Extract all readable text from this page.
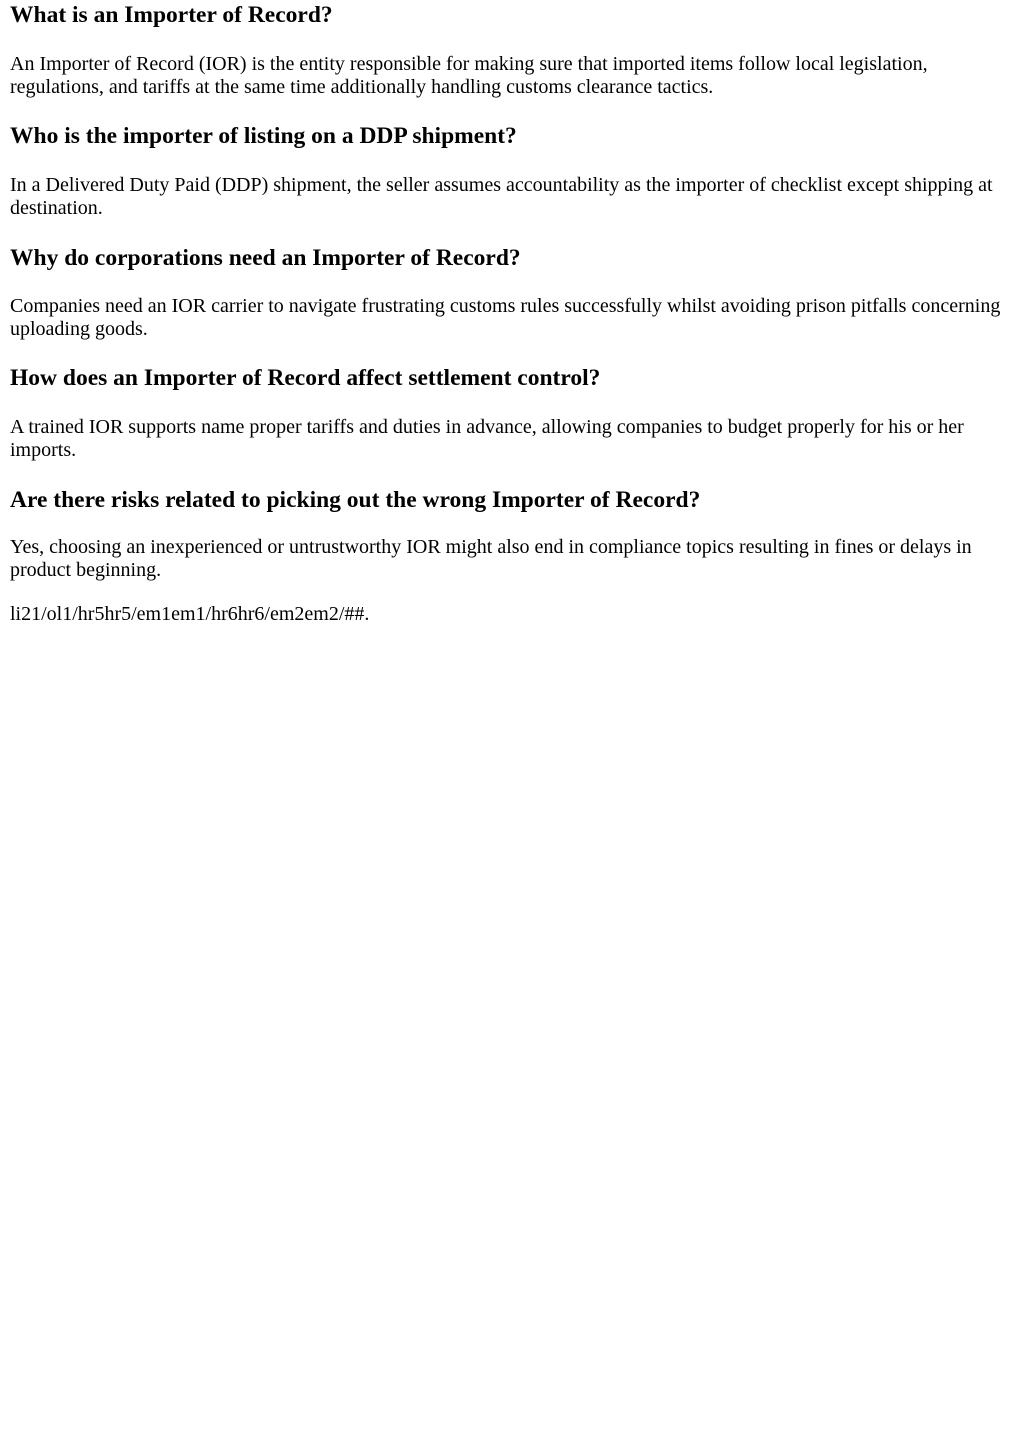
What is an Importer of Record?

An Importer of Record (IOR) is the entity responsible for making sure that imported items follow local legislation, regulations, and tariffs at the same time additionally handling customs clearance tactics.

Who is the importer of listing on a DDP shipment?

In a Delivered Duty Paid (DDP) shipment, the seller assumes accountability as the importer of checklist except shipping at destination.

Why do corporations need an Importer of Record?

Companies need an IOR carrier to navigate frustrating customs rules successfully whilst avoiding prison pitfalls concerning uploading goods.

How does an Importer of Record affect settlement control?

A trained IOR supports name proper tariffs and duties in advance, allowing companies to budget properly for his or her imports.

Are there risks related to picking out the wrong Importer of Record?

Yes, choosing an inexperienced or untrustworthy IOR might also end in compliance topics resulting in fines or delays in product beginning.

li21/ol1/hr5hr5/em1em1/hr6hr6/em2em2/##.
